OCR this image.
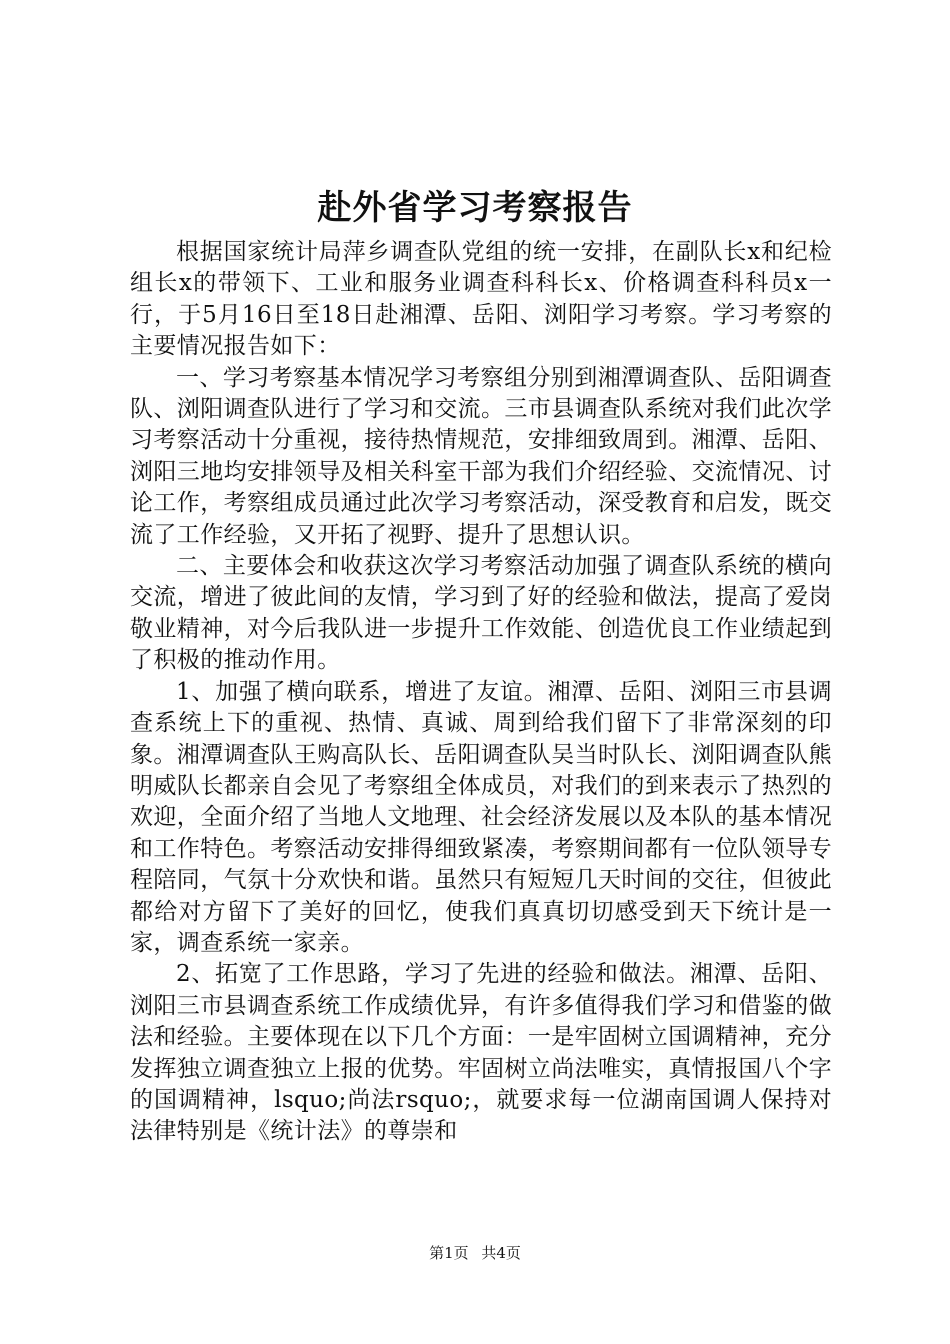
赴外省学习考察报告

根据国家统计局萍乡调查队党组的统一安排，在副队长x和纪检组长x的带领下、工业和服务业调查科科长x、价格调查科科员x一行，于5月16日至18日赴湘潭、岳阳、浏阳学习考察。学习考察的主要情况报告如下：

一、学习考察基本情况学习考察组分别到湘潭调查队、岳阳调查队、浏阳调查队进行了学习和交流。三市县调查队系统对我们此次学习考察活动十分重视，接待热情规范，安排细致周到。湘潭、岳阳、浏阳三地均安排领导及相关科室干部为我们介绍经验、交流情况、讨论工作，考察组成员通过此次学习考察活动，深受教育和启发，既交流了工作经验，又开拓了视野、提升了思想认识。

二、主要体会和收获这次学习考察活动加强了调查队系统的横向交流，增进了彼此间的友情，学习到了好的经验和做法，提高了爱岗敬业精神，对今后我队进一步提升工作效能、创造优良工作业绩起到了积极的推动作用。

1、加强了横向联系，增进了友谊。湘潭、岳阳、浏阳三市县调查系统上下的重视、热情、真诚、周到给我们留下了非常深刻的印象。湘潭调查队王购高队长、岳阳调查队吴当时队长、浏阳调查队熊明威队长都亲自会见了考察组全体成员，对我们的到来表示了热烈的欢迎，全面介绍了当地人文地理、社会经济发展以及本队的基本情况和工作特色。考察活动安排得细致紧凑，考察期间都有一位队领导专程陪同，气氛十分欢快和谐。虽然只有短短几天时间的交往，但彼此都给对方留下了美好的回忆，使我们真真切切感受到天下统计是一家，调查系统一家亲。

2、拓宽了工作思路，学习了先进的经验和做法。湘潭、岳阳、浏阳三市县调查系统工作成绩优异，有许多值得我们学习和借鉴的做法和经验。主要体现在以下几个方面：一是牢固树立国调精神，充分发挥独立调查独立上报的优势。牢固树立尚法唯实，真情报国八个字的国调精神，lsquo;尚法rsquo;，就要求每一位湖南国调人保持对法律特别是《统计法》的尊崇和

第1页 共4页
